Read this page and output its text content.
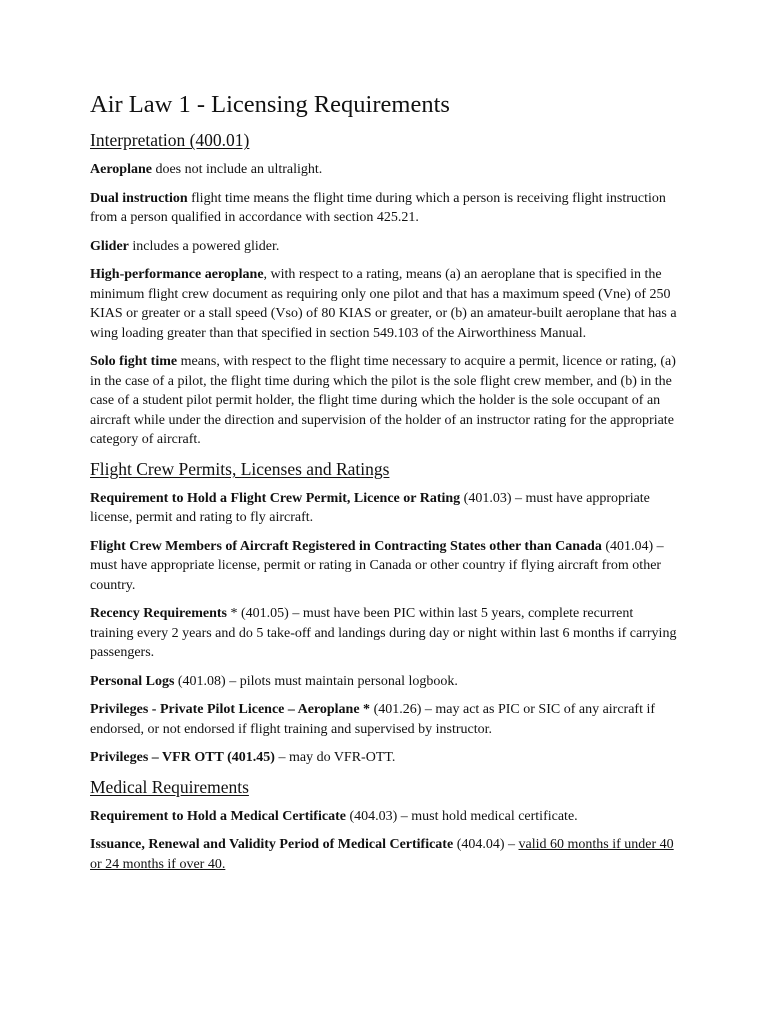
Air Law 1 - Licensing Requirements
Interpretation (400.01)

Aeroplane does not include an ultralight.

Dual instruction flight time means the flight time during which a person is receiving flight instruction from a person qualified in accordance with section 425.21.

Glider includes a powered glider.

High-performance aeroplane, with respect to a rating, means (a) an aeroplane that is specified in the minimum flight crew document as requiring only one pilot and that has a maximum speed (Vne) of 250 KIAS or greater or a stall speed (Vso) of 80 KIAS or greater, or (b) an amateur-built aeroplane that has a wing loading greater than that specified in section 549.103 of the Airworthiness Manual.

Solo fight time means, with respect to the flight time necessary to acquire a permit, licence or rating, (a) in the case of a pilot, the flight time during which the pilot is the sole flight crew member, and (b) in the case of a student pilot permit holder, the flight time during which the holder is the sole occupant of an aircraft while under the direction and supervision of the holder of an instructor rating for the appropriate category of aircraft.

Flight Crew Permits, Licenses and Ratings

Requirement to Hold a Flight Crew Permit, Licence or Rating (401.03) – must have appropriate license, permit and rating to fly aircraft.

Flight Crew Members of Aircraft Registered in Contracting States other than Canada (401.04) – must have appropriate license, permit or rating in Canada or other country if flying aircraft from other country.

Recency Requirements * (401.05) – must have been PIC within last 5 years, complete recurrent training every 2 years and do 5 take-off and landings during day or night within last 6 months if carrying passengers.

Personal Logs (401.08) – pilots must maintain personal logbook.

Privileges - Private Pilot Licence – Aeroplane * (401.26) – may act as PIC or SIC of any aircraft if endorsed, or not endorsed if flight training and supervised by instructor.

Privileges – VFR OTT (401.45) – may do VFR-OTT.

Medical Requirements

Requirement to Hold a Medical Certificate (404.03) – must hold medical certificate.

Issuance, Renewal and Validity Period of Medical Certificate (404.04) – valid 60 months if under 40 or 24 months if over 40.
